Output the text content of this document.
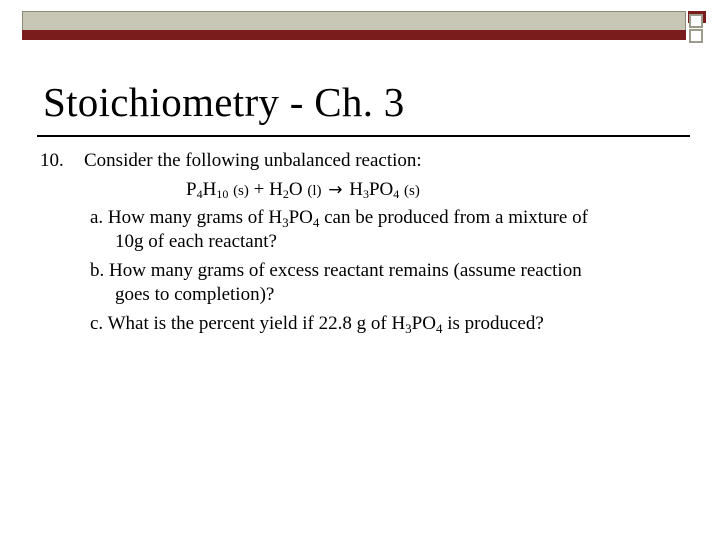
Stoichiometry - Ch. 3
10. Consider the following unbalanced reaction:
$P_4H_{10}$ $(s) + H_2O$ $(l) \to H_3PO_4$ (s)
a. How many grams of $H_3PO_4$ can be produced from a mixture of
10g of each reactant?
b. How many grams of excess reactant remains (assume reaction
goes to completion)?
c. What is the percent yield if 22.8 g of $H_3PO_4$ is produced?
